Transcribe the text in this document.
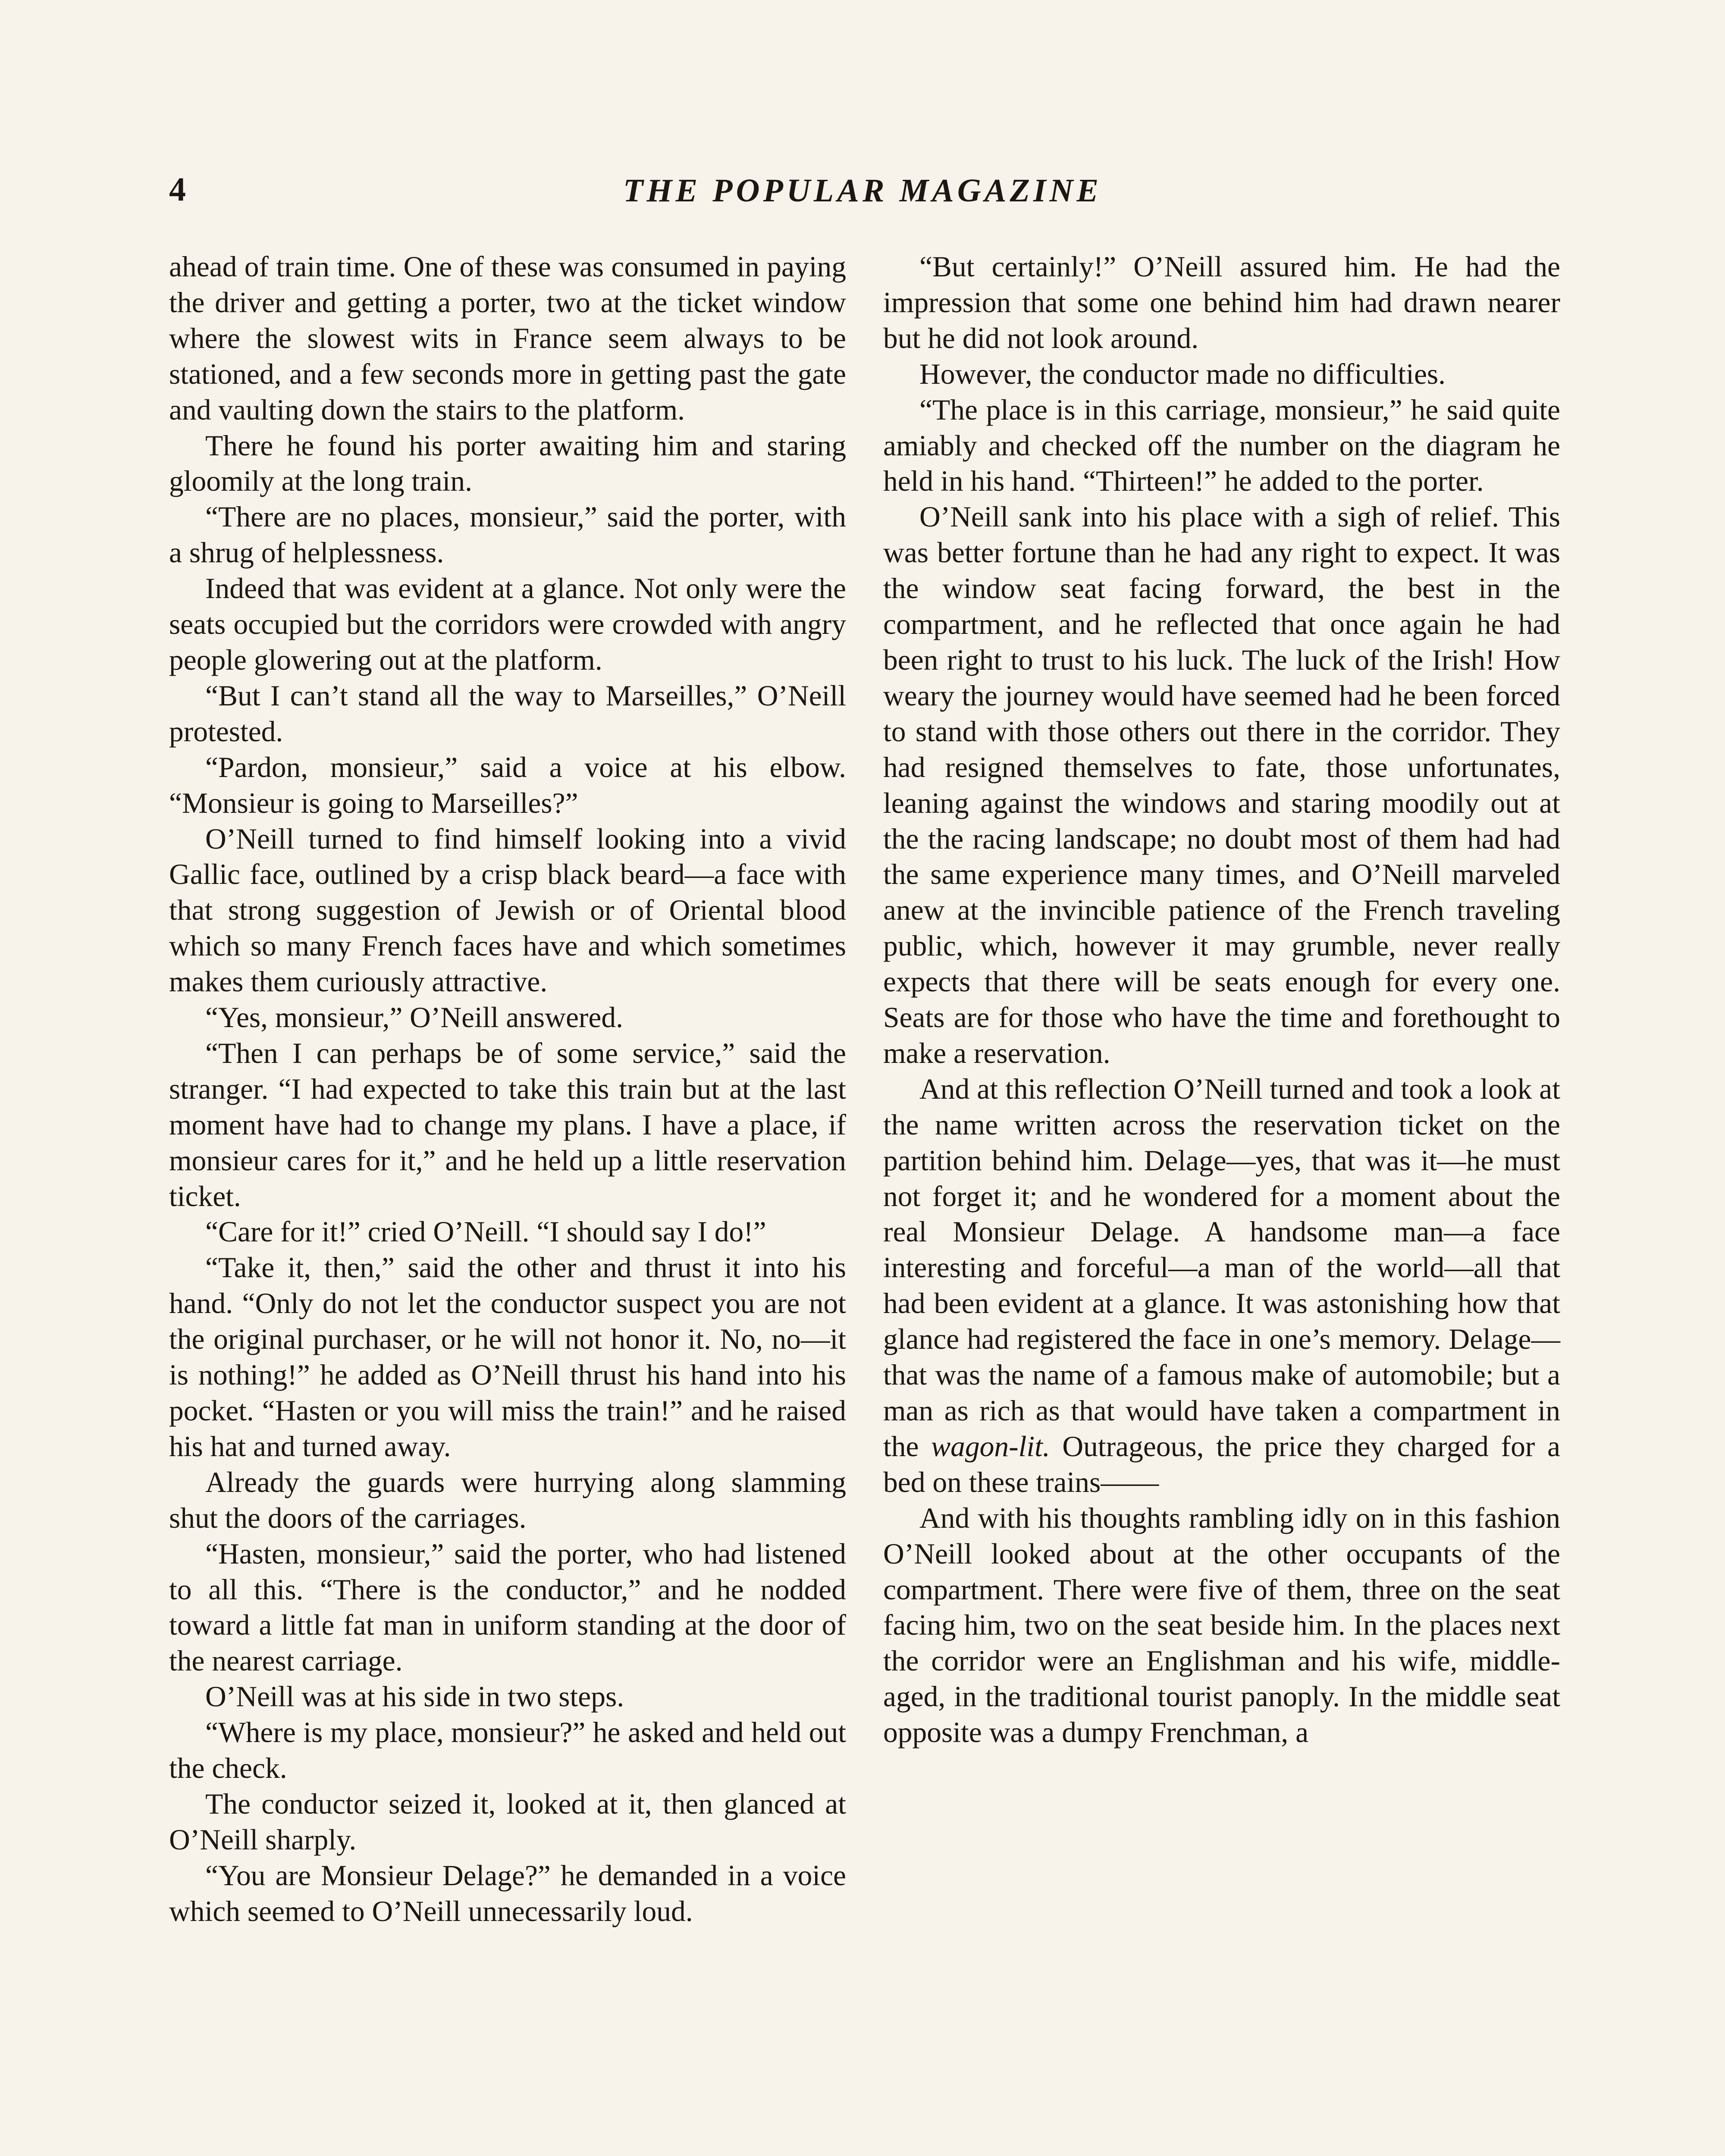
4	THE POPULAR MAGAZINE

ahead of train time. One of these was consumed in paying the driver and getting a porter, two at the ticket window where the slowest wits in France seem always to be stationed, and a few seconds more in getting past the gate and vaulting down the stairs to the platform.

There he found his porter awaiting him and staring gloomily at the long train.

“There are no places, monsieur,” said the porter, with a shrug of helplessness.

Indeed that was evident at a glance. Not only were the seats occupied but the corridors were crowded with angry people glowering out at the platform.

“But I can’t stand all the way to Marseilles,” O’Neill protested.

“Pardon, monsieur,” said a voice at his elbow. “Monsieur is going to Marseilles?”

O’Neill turned to find himself looking into a vivid Gallic face, outlined by a crisp black beard—a face with that strong suggestion of Jewish or of Oriental blood which so many French faces have and which sometimes makes them curiously attractive.

“Yes, monsieur,” O’Neill answered.

“Then I can perhaps be of some service,” said the stranger. “I had expected to take this train but at the last moment have had to change my plans. I have a place, if monsieur cares for it,” and he held up a little reservation ticket.

“Care for it!” cried O’Neill. “I should say I do!”

“Take it, then,” said the other and thrust it into his hand. “Only do not let the conductor suspect you are not the original purchaser, or he will not honor it. No, no—it is nothing!” he added as O’Neill thrust his hand into his pocket. “Hasten or you will miss the train!” and he raised his hat and turned away.

Already the guards were hurrying along slamming shut the doors of the carriages.

“Hasten, monsieur,” said the porter, who had listened to all this. “There is the conductor,” and he nodded toward a little fat man in uniform standing at the door of the nearest carriage.

O’Neill was at his side in two steps.

“Where is my place, monsieur?” he asked and held out the check.

The conductor seized it, looked at it, then glanced at O’Neill sharply.

“You are Monsieur Delage?” he demanded in a voice which seemed to O’Neill unnecessarily loud.

“But certainly!” O’Neill assured him. He had the impression that some one behind him had drawn nearer but he did not look around.

However, the conductor made no difficulties.

“The place is in this carriage, monsieur,” he said quite amiably and checked off the number on the diagram he held in his hand. “Thirteen!” he added to the porter.

O’Neill sank into his place with a sigh of relief. This was better fortune than he had any right to expect. It was the window seat facing forward, the best in the compartment, and he reflected that once again he had been right to trust to his luck. The luck of the Irish! How weary the journey would have seemed had he been forced to stand with those others out there in the corridor. They had resigned themselves to fate, those unfortunates, leaning against the windows and staring moodily out at the the racing landscape; no doubt most of them had had the same experience many times, and O’Neill marveled anew at the invincible patience of the French traveling public, which, however it may grumble, never really expects that there will be seats enough for every one. Seats are for those who have the time and forethought to make a reservation.

And at this reflection O’Neill turned and took a look at the name written across the reservation ticket on the partition behind him. Delage—yes, that was it—he must not forget it; and he wondered for a moment about the real Monsieur Delage. A handsome man—a face interesting and forceful—a man of the world—all that had been evident at a glance. It was astonishing how that glance had registered the face in one’s memory. Delage—that was the name of a famous make of automobile; but a man as rich as that would have taken a compartment in the wagon-lit. Outrageous, the price they charged for a bed on these trains——

And with his thoughts rambling idly on in this fashion O’Neill looked about at the other occupants of the compartment. There were five of them, three on the seat facing him, two on the seat beside him. In the places next the corridor were an Englishman and his wife, middle-aged, in the traditional tourist panoply. In the middle seat opposite was a dumpy Frenchman, a
